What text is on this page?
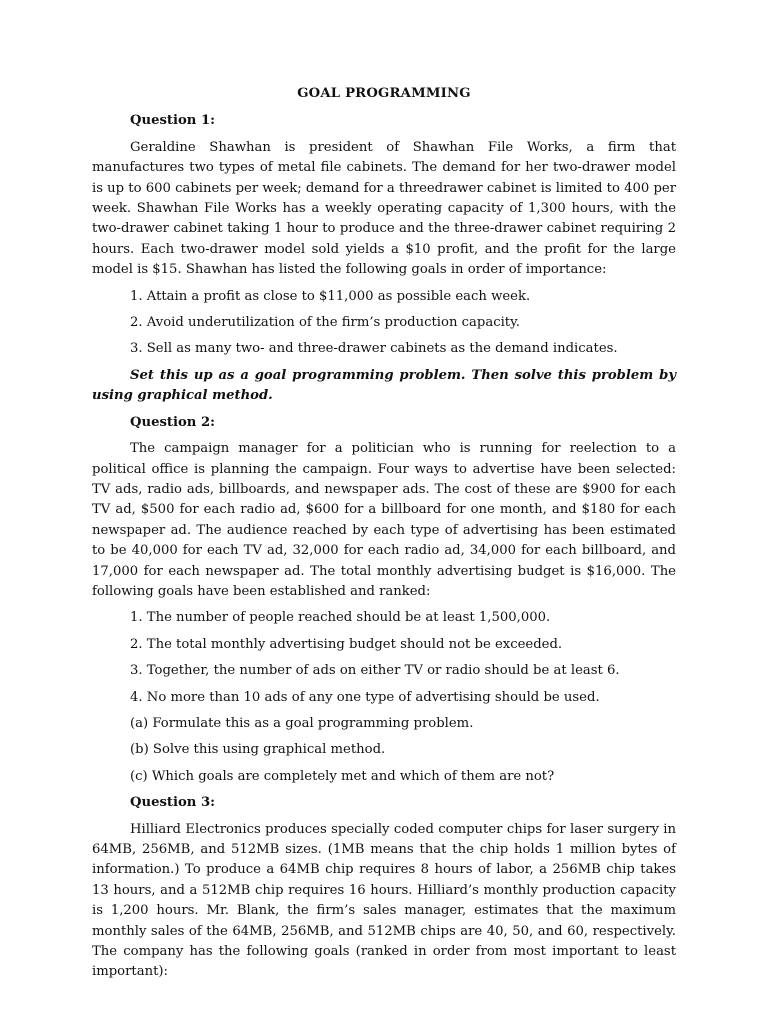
GOAL PROGRAMMING
Question 1:
Geraldine Shawhan is president of Shawhan File Works, a firm that manufactures two types of metal file cabinets. The demand for her two-drawer model is up to 600 cabinets per week; demand for a threedrawer cabinet is limited to 400 per week. Shawhan File Works has a weekly operating capacity of 1,300 hours, with the two-drawer cabinet taking 1 hour to produce and the three-drawer cabinet requiring 2 hours. Each two-drawer model sold yields a $10 profit, and the profit for the large model is $15. Shawhan has listed the following goals in order of importance:
1. Attain a profit as close to $11,000 as possible each week.
2. Avoid underutilization of the firm’s production capacity.
3. Sell as many two- and three-drawer cabinets as the demand indicates.
Set this up as a goal programming problem. Then solve this problem by using graphical method.
Question 2:
The campaign manager for a politician who is running for reelection to a political office is planning the campaign. Four ways to advertise have been selected: TV ads, radio ads, billboards, and newspaper ads. The cost of these are $900 for each TV ad, $500 for each radio ad, $600 for a billboard for one month, and $180 for each newspaper ad. The audience reached by each type of advertising has been estimated to be 40,000 for each TV ad, 32,000 for each radio ad, 34,000 for each billboard, and 17,000 for each newspaper ad. The total monthly advertising budget is $16,000. The following goals have been established and ranked:
1. The number of people reached should be at least 1,500,000.
2. The total monthly advertising budget should not be exceeded.
3. Together, the number of ads on either TV or radio should be at least 6.
4. No more than 10 ads of any one type of advertising should be used.
(a) Formulate this as a goal programming problem.
(b) Solve this using graphical method.
(c) Which goals are completely met and which of them are not?
Question 3:
Hilliard Electronics produces specially coded computer chips for laser surgery in 64MB, 256MB, and 512MB sizes. (1MB means that the chip holds 1 million bytes of information.) To produce a 64MB chip requires 8 hours of labor, a 256MB chip takes 13 hours, and a 512MB chip requires 16 hours. Hilliard’s monthly production capacity is 1,200 hours. Mr. Blank, the firm’s sales manager, estimates that the maximum monthly sales of the 64MB, 256MB, and 512MB chips are 40, 50, and 60, respectively. The company has the following goals (ranked in order from most important to least important):
